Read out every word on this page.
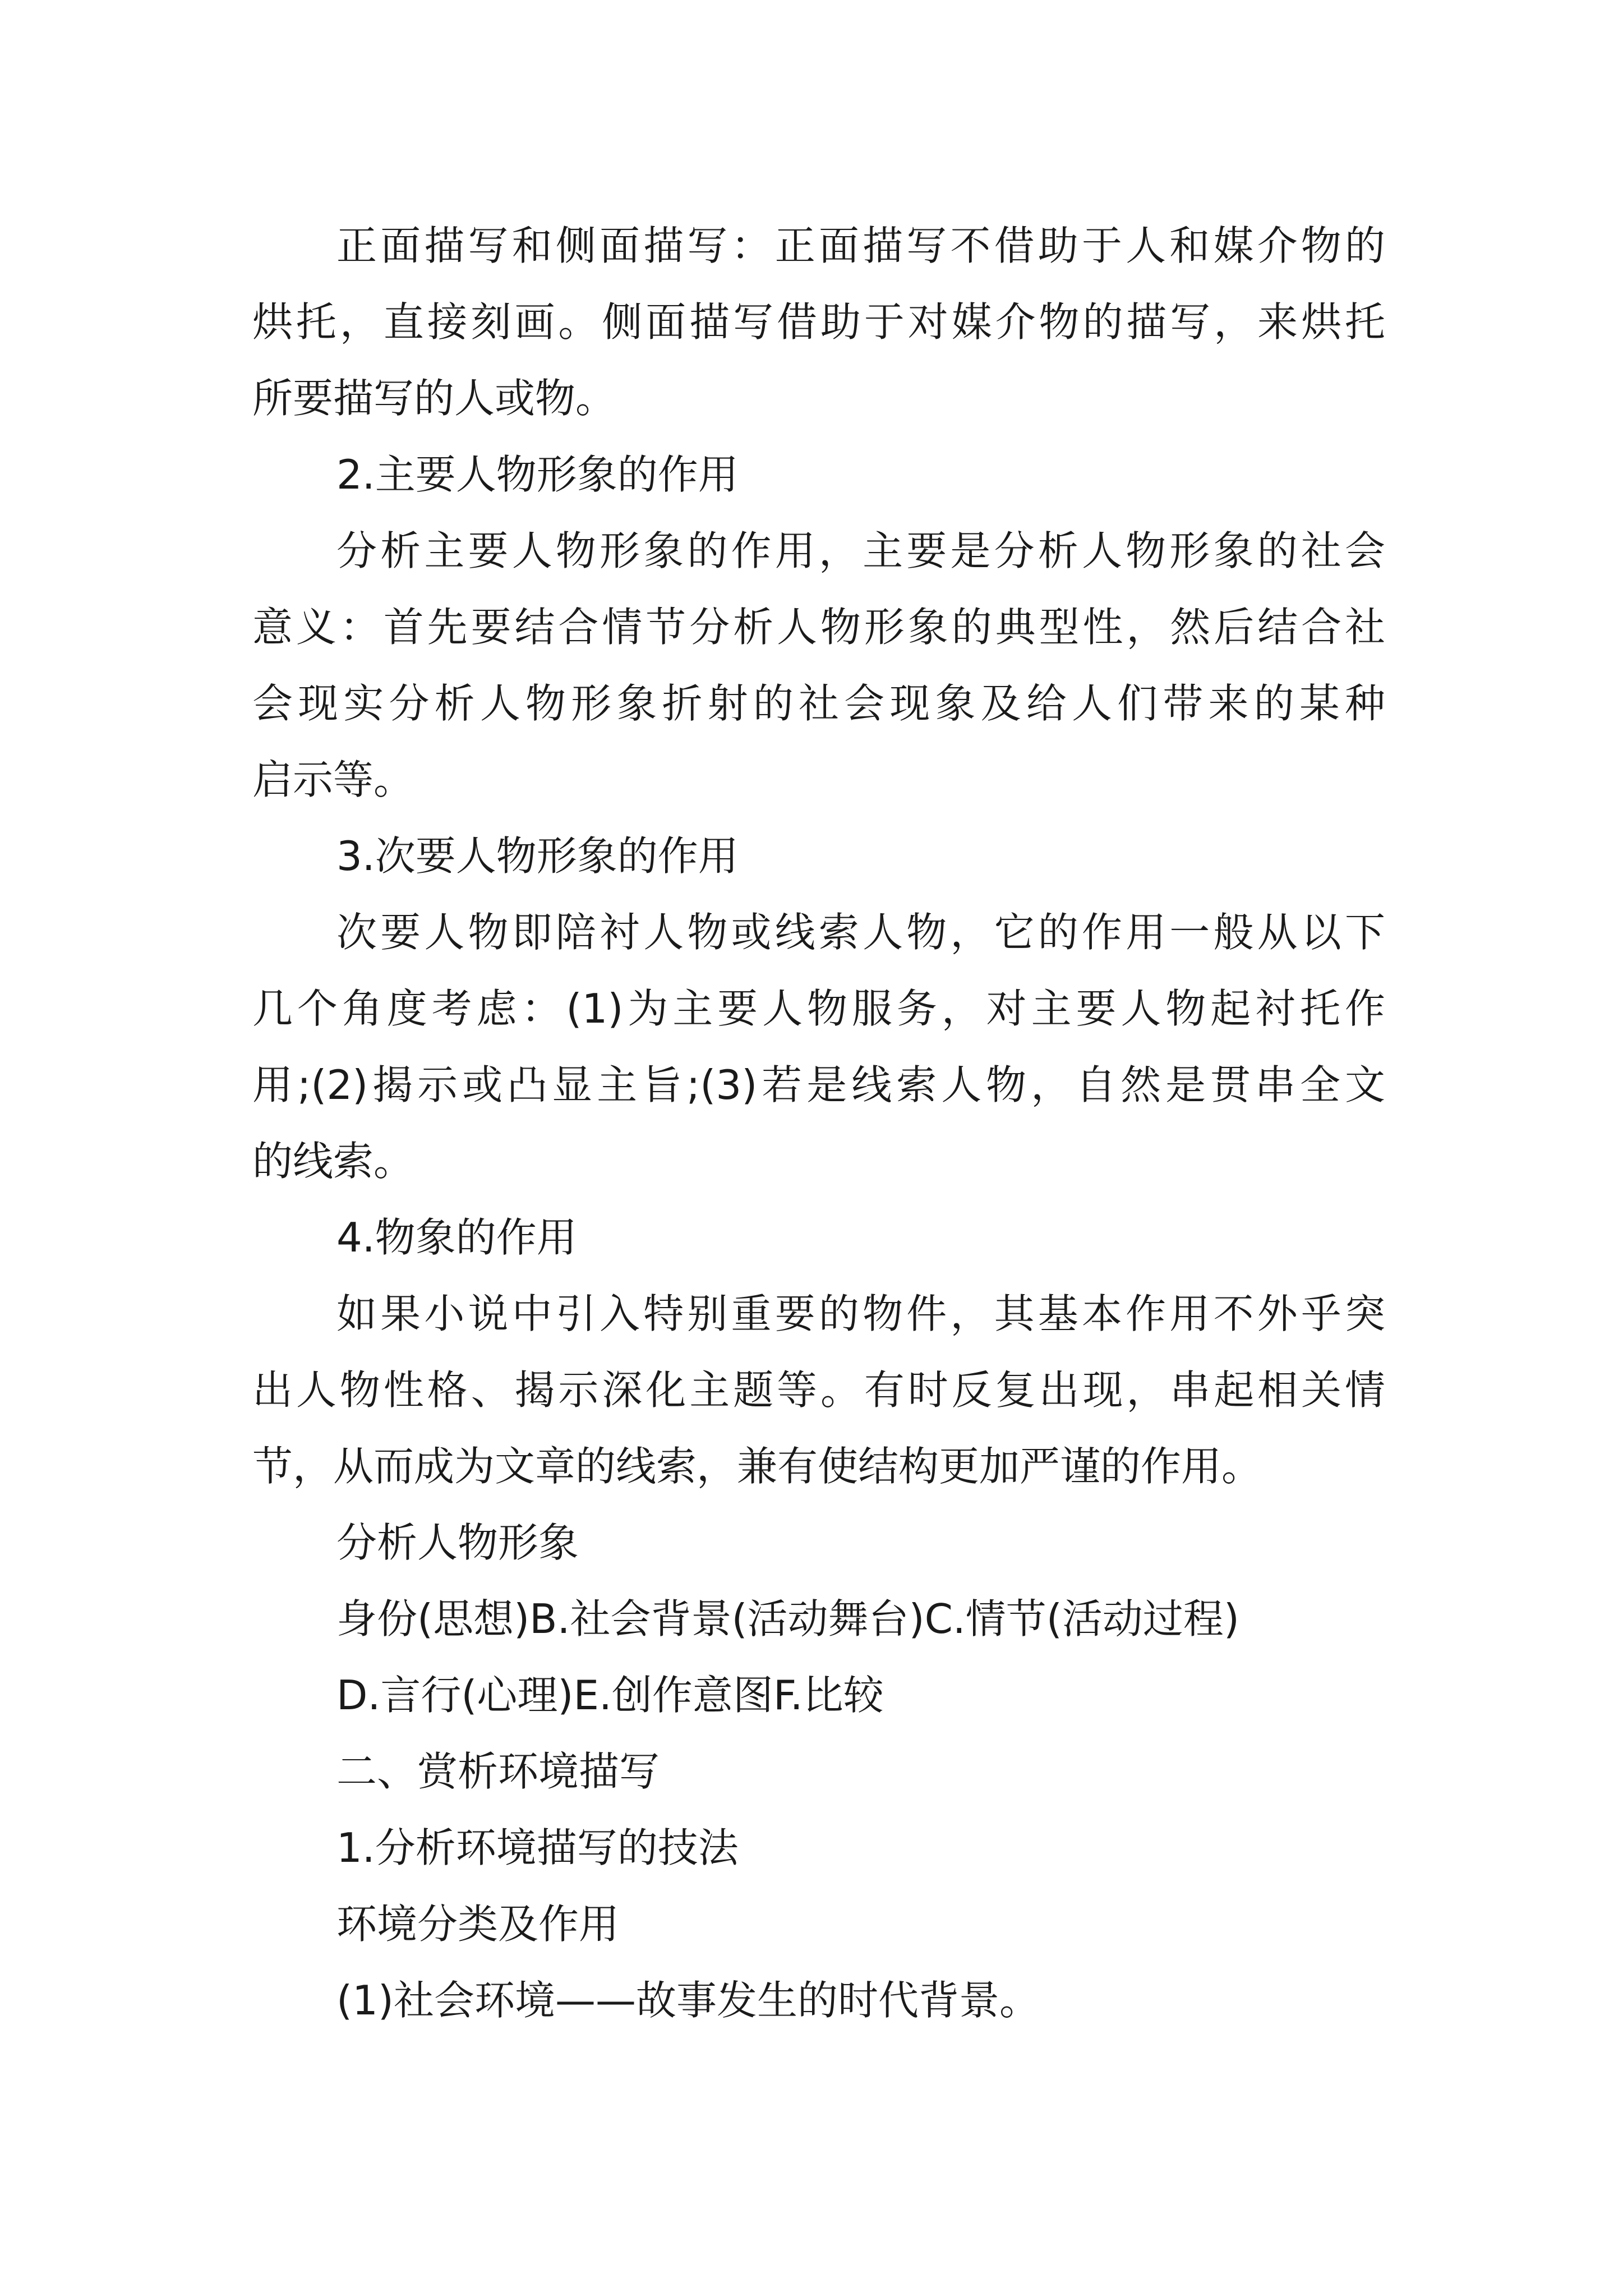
正面描写和侧面描写：正面描写不借助于人和媒介物的
烘托，直接刻画。侧面描写借助于对媒介物的描写，来烘托
所要描写的人或物。
2.主要人物形象的作用
分析主要人物形象的作用，主要是分析人物形象的社会
意义：首先要结合情节分析人物形象的典型性，然后结合社
会现实分析人物形象折射的社会现象及给人们带来的某种
启示等。
3.次要人物形象的作用
次要人物即陪衬人物或线索人物，它的作用一般从以下
几个角度考虑：(1)为主要人物服务，对主要人物起衬托作
用;(2)揭示或凸显主旨;(3)若是线索人物，自然是贯串全文
的线索。
4.物象的作用
如果小说中引入特别重要的物件，其基本作用不外乎突
出人物性格、揭示深化主题等。有时反复出现，串起相关情
节，从而成为文章的线索，兼有使结构更加严谨的作用。
分析人物形象
身份(思想)B.社会背景(活动舞台)C.情节(活动过程)
D.言行(心理)E.创作意图F.比较
二、赏析环境描写
1.分析环境描写的技法
环境分类及作用
(1)社会环境——故事发生的时代背景。
